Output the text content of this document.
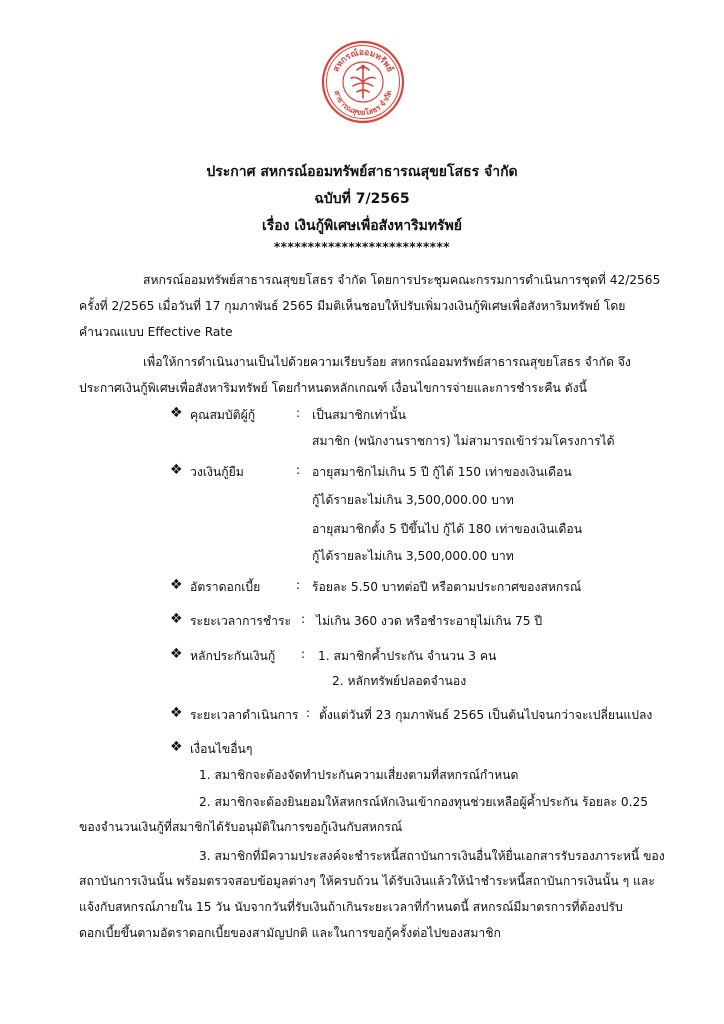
สหกรณ์ออมทรัพย์
สาธารณสุขยโสธร จำกัด
ประกาศ สหกรณ์ออมทรัพย์สาธารณสุขยโสธร จำกัด
ฉบับที่ 7/2565
เรื่อง เงินกู้พิเศษเพื่อสังหาริมทรัพย์
**************************
สหกรณ์ออมทรัพย์สาธารณสุขยโสธร จำกัด โดยการประชุมคณะกรรมการดำเนินการชุดที่ 42/2565
ครั้งที่ 2/2565 เมื่อวันที่ 17 กุมภาพันธ์ 2565 มีมติเห็นชอบให้ปรับเพิ่มวงเงินกู้พิเศษเพื่อสังหาริมทรัพย์ โดย
คำนวณแบบ Effective Rate
เพื่อให้การดำเนินงานเป็นไปด้วยความเรียบร้อย สหกรณ์ออมทรัพย์สาธารณสุขยโสธร จำกัด จึง
ประกาศเงินกู้พิเศษเพื่อสังหาริมทรัพย์ โดยกำหนดหลักเกณฑ์ เงื่อนไขการจ่ายและการชำระคืน ดังนี้
❖ คุณสมบัติผู้กู้	: เป็นสมาชิกเท่านั้น
สมาชิก (พนักงานราชการ) ไม่สามารถเข้าร่วมโครงการได้
❖ วงเงินกู้ยืม	: อายุสมาชิกไม่เกิน 5 ปี กู้ได้ 150 เท่าของเงินเดือน
กู้ได้รายละไม่เกิน 3,500,000.00 บาท
อายุสมาชิกตั้ง 5 ปีขึ้นไป กู้ได้ 180 เท่าของเงินเดือน
กู้ได้รายละไม่เกิน 3,500,000.00 บาท
❖ อัตราดอกเบี้ย	: ร้อยละ 5.50 บาทต่อปี หรือตามประกาศของสหกรณ์
❖ ระยะเวลาการชำระ : ไม่เกิน 360 งวด หรือชำระอายุไม่เกิน 75 ปี
❖ หลักประกันเงินกู้ : 1. สมาชิกค้ำประกัน จำนวน 3 คน
2. หลักทรัพย์ปลอดจำนอง
❖ ระยะเวลาดำเนินการ : ตั้งแต่วันที่ 23 กุมภาพันธ์ 2565 เป็นต้นไปจนกว่าจะเปลี่ยนแปลง
❖ เงื่อนไขอื่นๆ
1. สมาชิกจะต้องจัดทำประกันความเสี่ยงตามที่สหกรณ์กำหนด
2. สมาชิกจะต้องยินยอมให้สหกรณ์หักเงินเข้ากองทุนช่วยเหลือผู้ค้ำประกัน ร้อยละ 0.25
ของจำนวนเงินกู้ที่สมาชิกได้รับอนุมัติในการขอกู้เงินกับสหกรณ์
3. สมาชิกที่มีความประสงค์จะชำระหนี้สถาบันการเงินอื่นให้ยื่นเอกสารรับรองภาระหนี้ ของ
สถาบันการเงินนั้น พร้อมตรวจสอบข้อมูลต่างๆ ให้ครบถ้วน ได้รับเงินแล้วให้นำชำระหนี้สถาบันการเงินนั้น ๆ และ
แจ้งกับสหกรณ์ภายใน 15 วัน นับจากวันที่รับเงินถ้าเกินระยะเวลาที่กำหนดนี้ สหกรณ์มีมาตรการที่ต้องปรับ
ดอกเบี้ยขึ้นตามอัตราดอกเบี้ยของสามัญปกติ และในการขอกู้ครั้งต่อไปของสมาชิก
